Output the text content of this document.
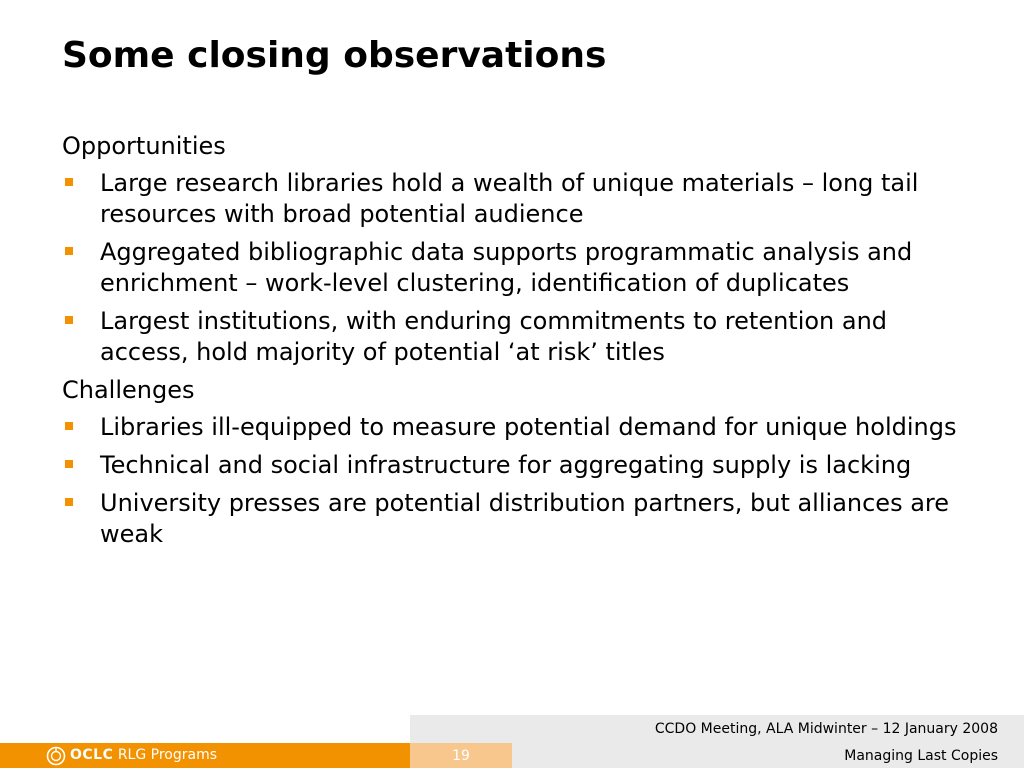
Some closing observations
Opportunities
Large research libraries hold a wealth of unique materials – long tail resources with broad potential audience
Aggregated bibliographic data supports programmatic analysis and enrichment – work-level clustering, identification of duplicates
Largest institutions, with enduring commitments to retention and access, hold majority of potential ‘at risk’ titles
Challenges
Libraries ill-equipped to measure potential demand for unique holdings
Technical and social infrastructure for aggregating supply is lacking
University presses are potential distribution partners, but alliances are weak
CCDO Meeting, ALA Midwinter – 12 January 2008
OCLC RLG Programs	19	Managing Last Copies
